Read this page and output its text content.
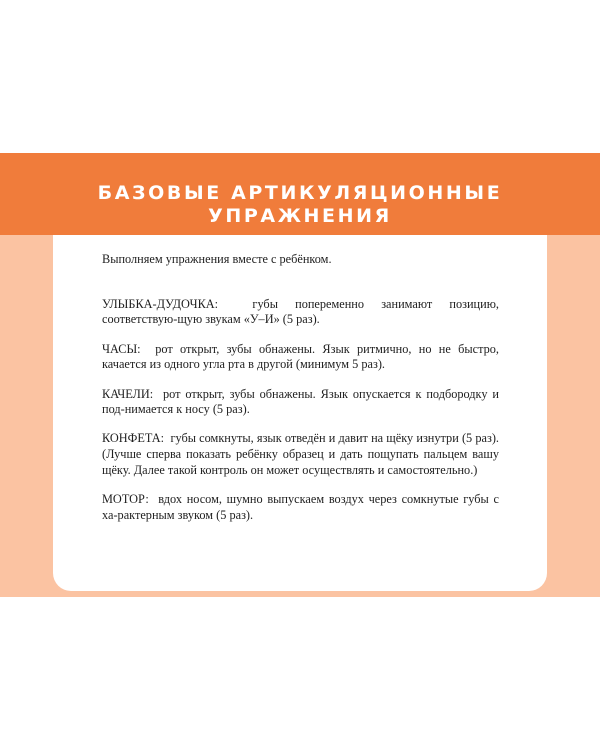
БАЗОВЫЕ АРТИКУЛЯЦИОННЫЕ
УПРАЖНЕНИЯ

Выполняем упражнения вместе с ребёнком.

УЛЫБКА-ДУДОЧКА:	губы попеременно занимают позицию, соответствую-щую звукам «У–И» (5 раз).

ЧАСЫ: рот открыт, зубы обнажены. Язык ритмично, но не быстро, качается из одного угла рта в другой (минимум 5 раз).

КАЧЕЛИ: рот открыт, зубы обнажены. Язык опускается к подбородку и под-нимается к носу (5 раз).

КОНФЕТА: губы сомкнуты, язык отведён и давит на щёку изнутри (5 раз). (Лучше сперва показать ребёнку образец и дать пощупать пальцем вашу щёку. Далее такой контроль он может осуществлять и самостоятельно.)

МОТОР: вдох носом, шумно выпускаем воздух через сомкнутые губы с ха-рактерным звуком (5 раз).

10
